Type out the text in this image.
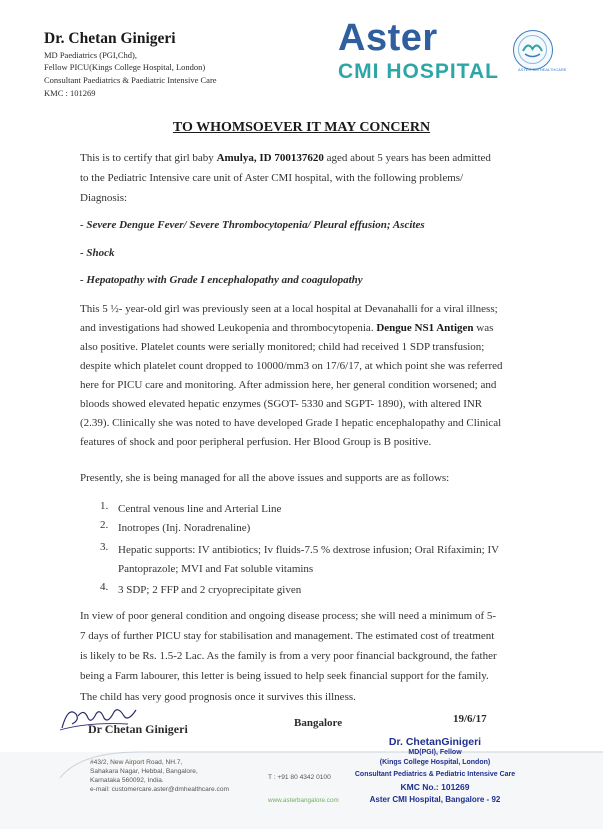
Dr. Chetan Ginigeri
MD Paediatrics (PGI,Chd),
Fellow PICU(Kings College Hospital, London)
Consultant Paediatrics & Paediatric Intensive Care
KMC : 101269
Aster
CMI HOSPITAL	ASTER DM HEALTHCARE
TO WHOMSOEVER IT MAY CONCERN
This is to certify that girl baby Amulya, ID 700137620 aged about 5 years has been admitted
to the Pediatric Intensive care unit of Aster CMI hospital, with the following problems/
Diagnosis:
- Severe Dengue Fever/ Severe Thrombocytopenia/ Pleural effusion; Ascites
- Shock
- Hepatopathy with Grade I encephalopathy and coagulopathy
This 5 ½- year-old girl was previously seen at a local hospital at Devanahalli for a viral illness;
and investigations had showed Leukopenia and thrombocytopenia. Dengue NS1 Antigen was
also positive. Platelet counts were serially monitored; child had received 1 SDP transfusion;
despite which platelet count dropped to 10000/mm3 on 17/6/17, at which point she was referred
here for PICU care and monitoring. After admission here, her general condition worsened; and
bloods showed elevated hepatic enzymes (SGOT- 5330 and SGPT- 1890), with altered INR
(2.39). Clinically she was noted to have developed Grade I hepatic encephalopathy and Clinical
features of shock and poor peripheral perfusion. Her Blood Group is B positive.
Presently, she is being managed for all the above issues and supports are as follows:
1. Central venous line and Arterial Line
2. Inotropes (Inj. Noradrenaline)
3. Hepatic supports: IV antibiotics; Iv fluids-7.5 % dextrose infusion; Oral Rifaximin; IV
Pantoprazole; MVI and Fat soluble vitamins
4. 3 SDP; 2 FFP and 2 cryoprecipitate given
In view of poor general condition and ongoing disease process; she will need a minimum of 5-
7 days of further PICU stay for stabilisation and management. The estimated cost of treatment
is likely to be Rs. 1.5-2 Lac. As the family is from a very poor financial background, the father
being a Farm labourer, this letter is being issued to help seek financial support for the family.
The child has very good prognosis once it survives this illness.
Dr Chetan Ginigeri	Bangalore	19/6/17
#43/2, New Airport Road, NH.7,
Sahakara Nagar, Hebbal, Bangalore,
Karnataka 560092, India.
e-mail: customercare.aster@dmhealthcare.com
T : +91 80 4342 0100
www.asterbangalore.com
Dr. ChetanGinigeri
MD(PGI), Fellow
(Kings College Hospital, London)
Consultant Pediatrics & Pediatric Intensive Care
KMC No.: 101269
Aster CMI Hospital, Bangalore - 92
